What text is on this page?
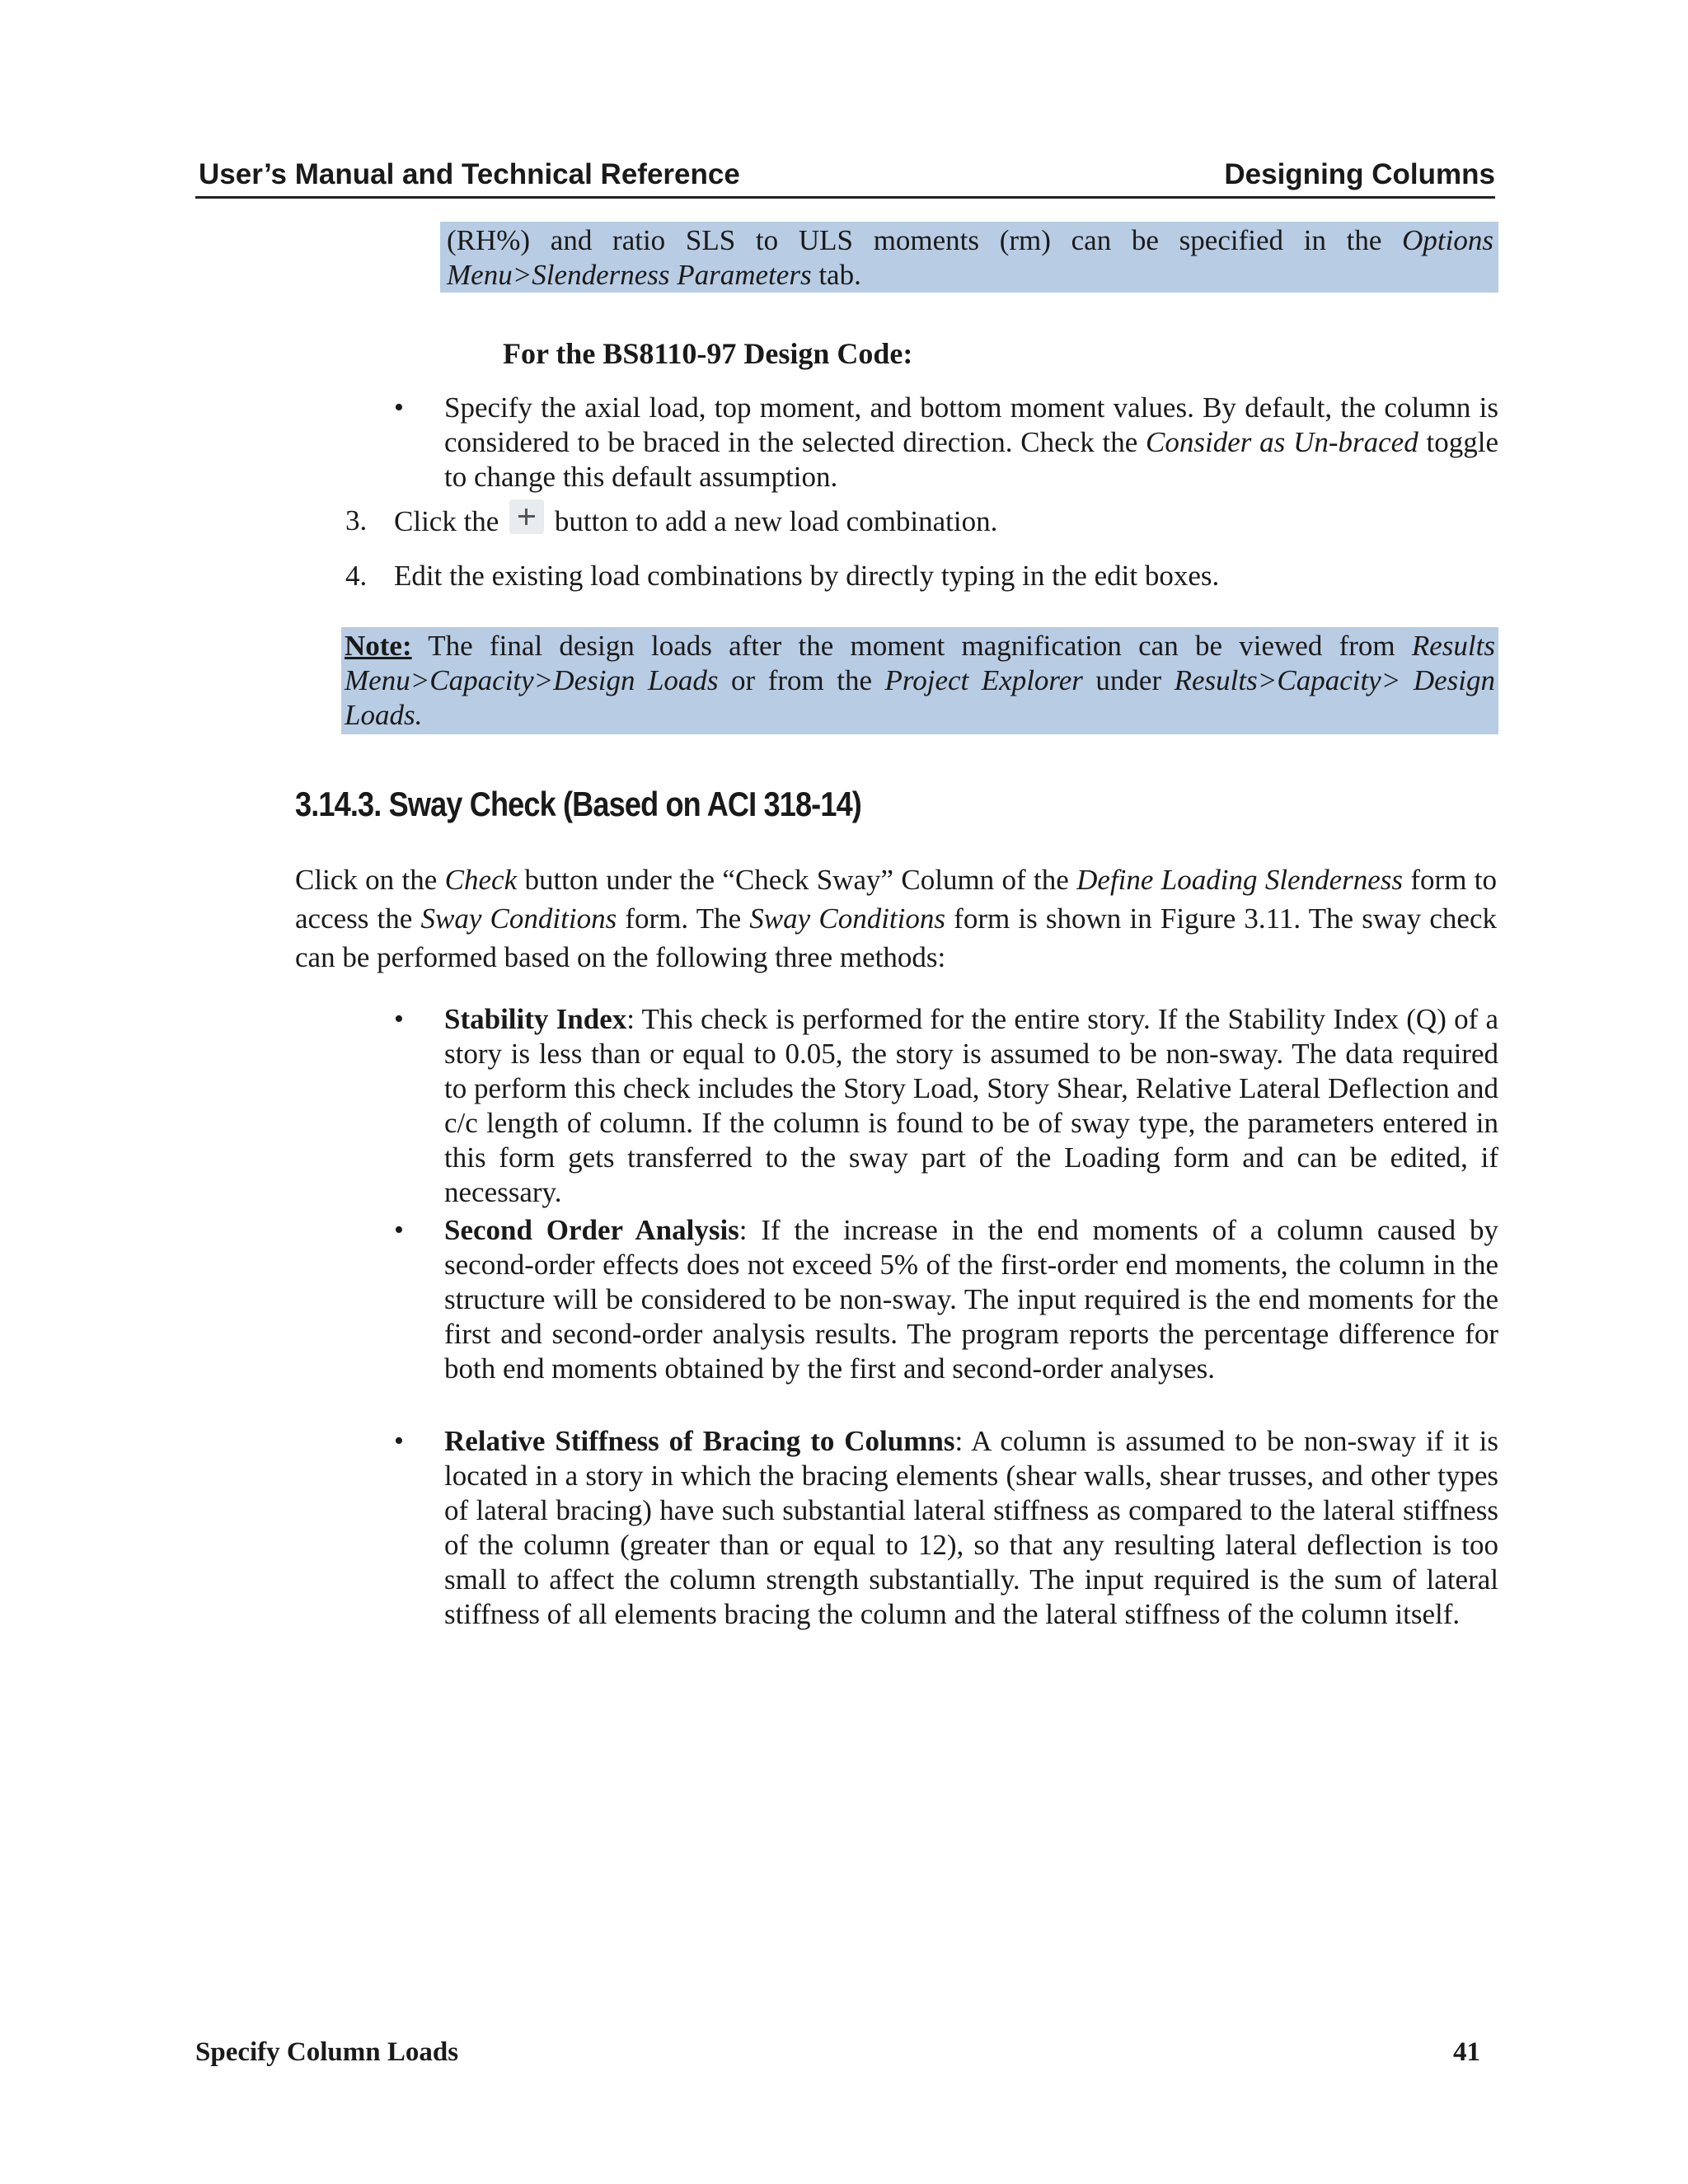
User’s Manual and Technical Reference	Designing Columns
(RH%) and ratio SLS to ULS moments (rm) can be specified in the Options Menu>Slenderness Parameters tab.
For the BS8110-97 Design Code:
• Specify the axial load, top moment, and bottom moment values. By default, the column is considered to be braced in the selected direction. Check the Consider as Un-braced toggle to change this default assumption.
3. Click the  button to add a new load combination.
4. Edit the existing load combinations by directly typing in the edit boxes.
Note: The final design loads after the moment magnification can be viewed from Results Menu>Capacity>Design Loads or from the Project Explorer under Results>Capacity> Design Loads.
3.14.3. Sway Check (Based on ACI 318-14)
Click on the Check button under the “Check Sway” Column of the Define Loading Slenderness form to access the Sway Conditions form. The Sway Conditions form is shown in Figure 3.11. The sway check can be performed based on the following three methods:
• Stability Index: This check is performed for the entire story. If the Stability Index (Q) of a story is less than or equal to 0.05, the story is assumed to be non-sway. The data required to perform this check includes the Story Load, Story Shear, Relative Lateral Deflection and c/c length of column. If the column is found to be of sway type, the parameters entered in this form gets transferred to the sway part of the Loading form and can be edited, if necessary.
• Second Order Analysis: If the increase in the end moments of a column caused by second-order effects does not exceed 5% of the first-order end moments, the column in the structure will be considered to be non-sway. The input required is the end moments for the first and second-order analysis results. The program reports the percentage difference for both end moments obtained by the first and second-order analyses.
• Relative Stiffness of Bracing to Columns: A column is assumed to be non-sway if it is located in a story in which the bracing elements (shear walls, shear trusses, and other types of lateral bracing) have such substantial lateral stiffness as compared to the lateral stiffness of the column (greater than or equal to 12), so that any resulting lateral deflection is too small to affect the column strength substantially. The input required is the sum of lateral stiffness of all elements bracing the column and the lateral stiffness of the column itself.
Specify Column Loads	41
